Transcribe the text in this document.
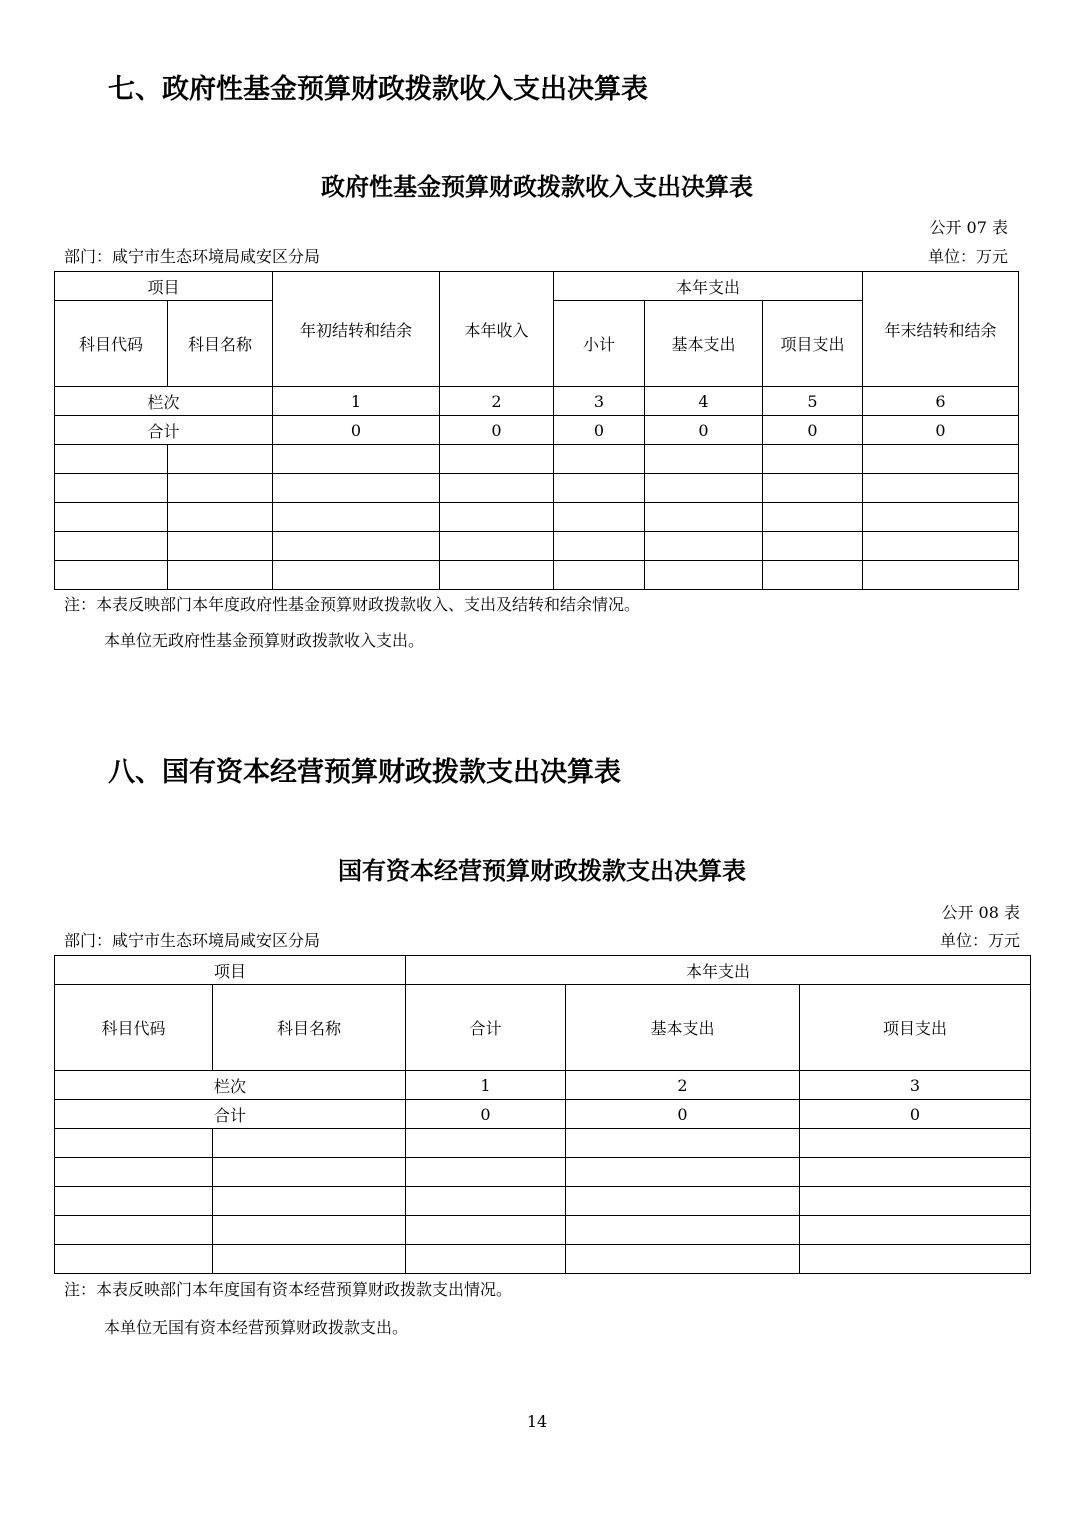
七、政府性基金预算财政拨款收入支出决算表
政府性基金预算财政拨款收入支出决算表
公开 07 表
部门：咸宁市生态环境局咸安区分局	单位：万元
项目		年初结转和结余	本年收入	本年支出			年末结转和结余
科目代码	科目名称			小计	基本支出	项目支出	
栏次		1	2	3	4	5	6
合计		0	0	0	0	0	0

注：本表反映部门本年度政府性基金预算财政拨款收入、支出及结转和结余情况。
本单位无政府性基金预算财政拨款收入支出。
八、国有资本经营预算财政拨款支出决算表
国有资本经营预算财政拨款支出决算表
公开 08 表
部门：咸宁市生态环境局咸安区分局	单位：万元
项目		本年支出		
科目代码	科目名称	合计	基本支出	项目支出
栏次		1	2	3
合计		0	0	0

注：本表反映部门本年度国有资本经营预算财政拨款支出情况。
本单位无国有资本经营预算财政拨款支出。
14
